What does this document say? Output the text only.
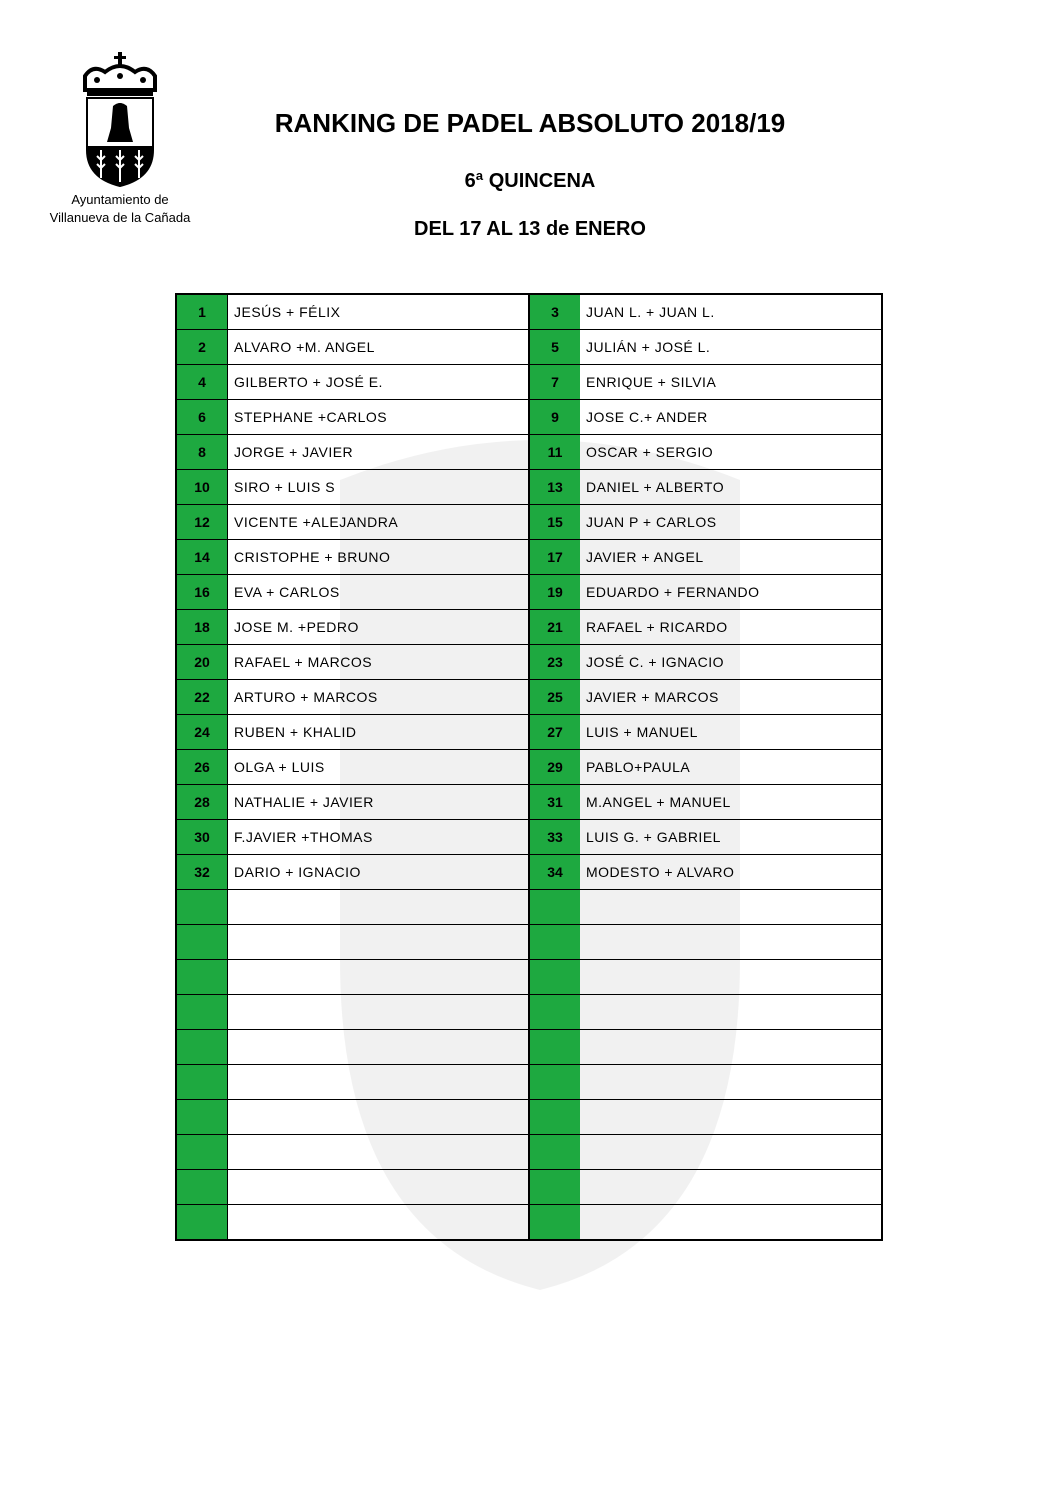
Ayuntamiento de
Villanueva de la Cañada
RANKING DE PADEL ABSOLUTO 2018/19
6ª QUINCENA
DEL 17 AL 13 de ENERO
1	JESÚS + FÉLIX	3	JUAN L. + JUAN L.
2	ALVARO +M. ANGEL	5	JULIÁN + JOSÉ L.
4	GILBERTO + JOSÉ E.	7	ENRIQUE + SILVIA
6	STEPHANE +CARLOS	9	JOSE C.+ ANDER
8	JORGE + JAVIER	11	OSCAR + SERGIO
10	SIRO + LUIS S	13	DANIEL + ALBERTO
12	VICENTE +ALEJANDRA	15	JUAN P + CARLOS
14	CRISTOPHE + BRUNO	17	JAVIER + ANGEL
16	EVA + CARLOS	19	EDUARDO + FERNANDO
18	JOSE M. +PEDRO	21	RAFAEL + RICARDO
20	RAFAEL + MARCOS	23	JOSÉ C. + IGNACIO
22	ARTURO + MARCOS	25	JAVIER + MARCOS
24	RUBEN + KHALID	27	LUIS + MANUEL
26	OLGA + LUIS	29	PABLO+PAULA
28	NATHALIE + JAVIER	31	M.ANGEL + MANUEL
30	F.JAVIER +THOMAS	33	LUIS G. + GABRIEL
32	DARIO + IGNACIO	34	MODESTO + ALVARO
